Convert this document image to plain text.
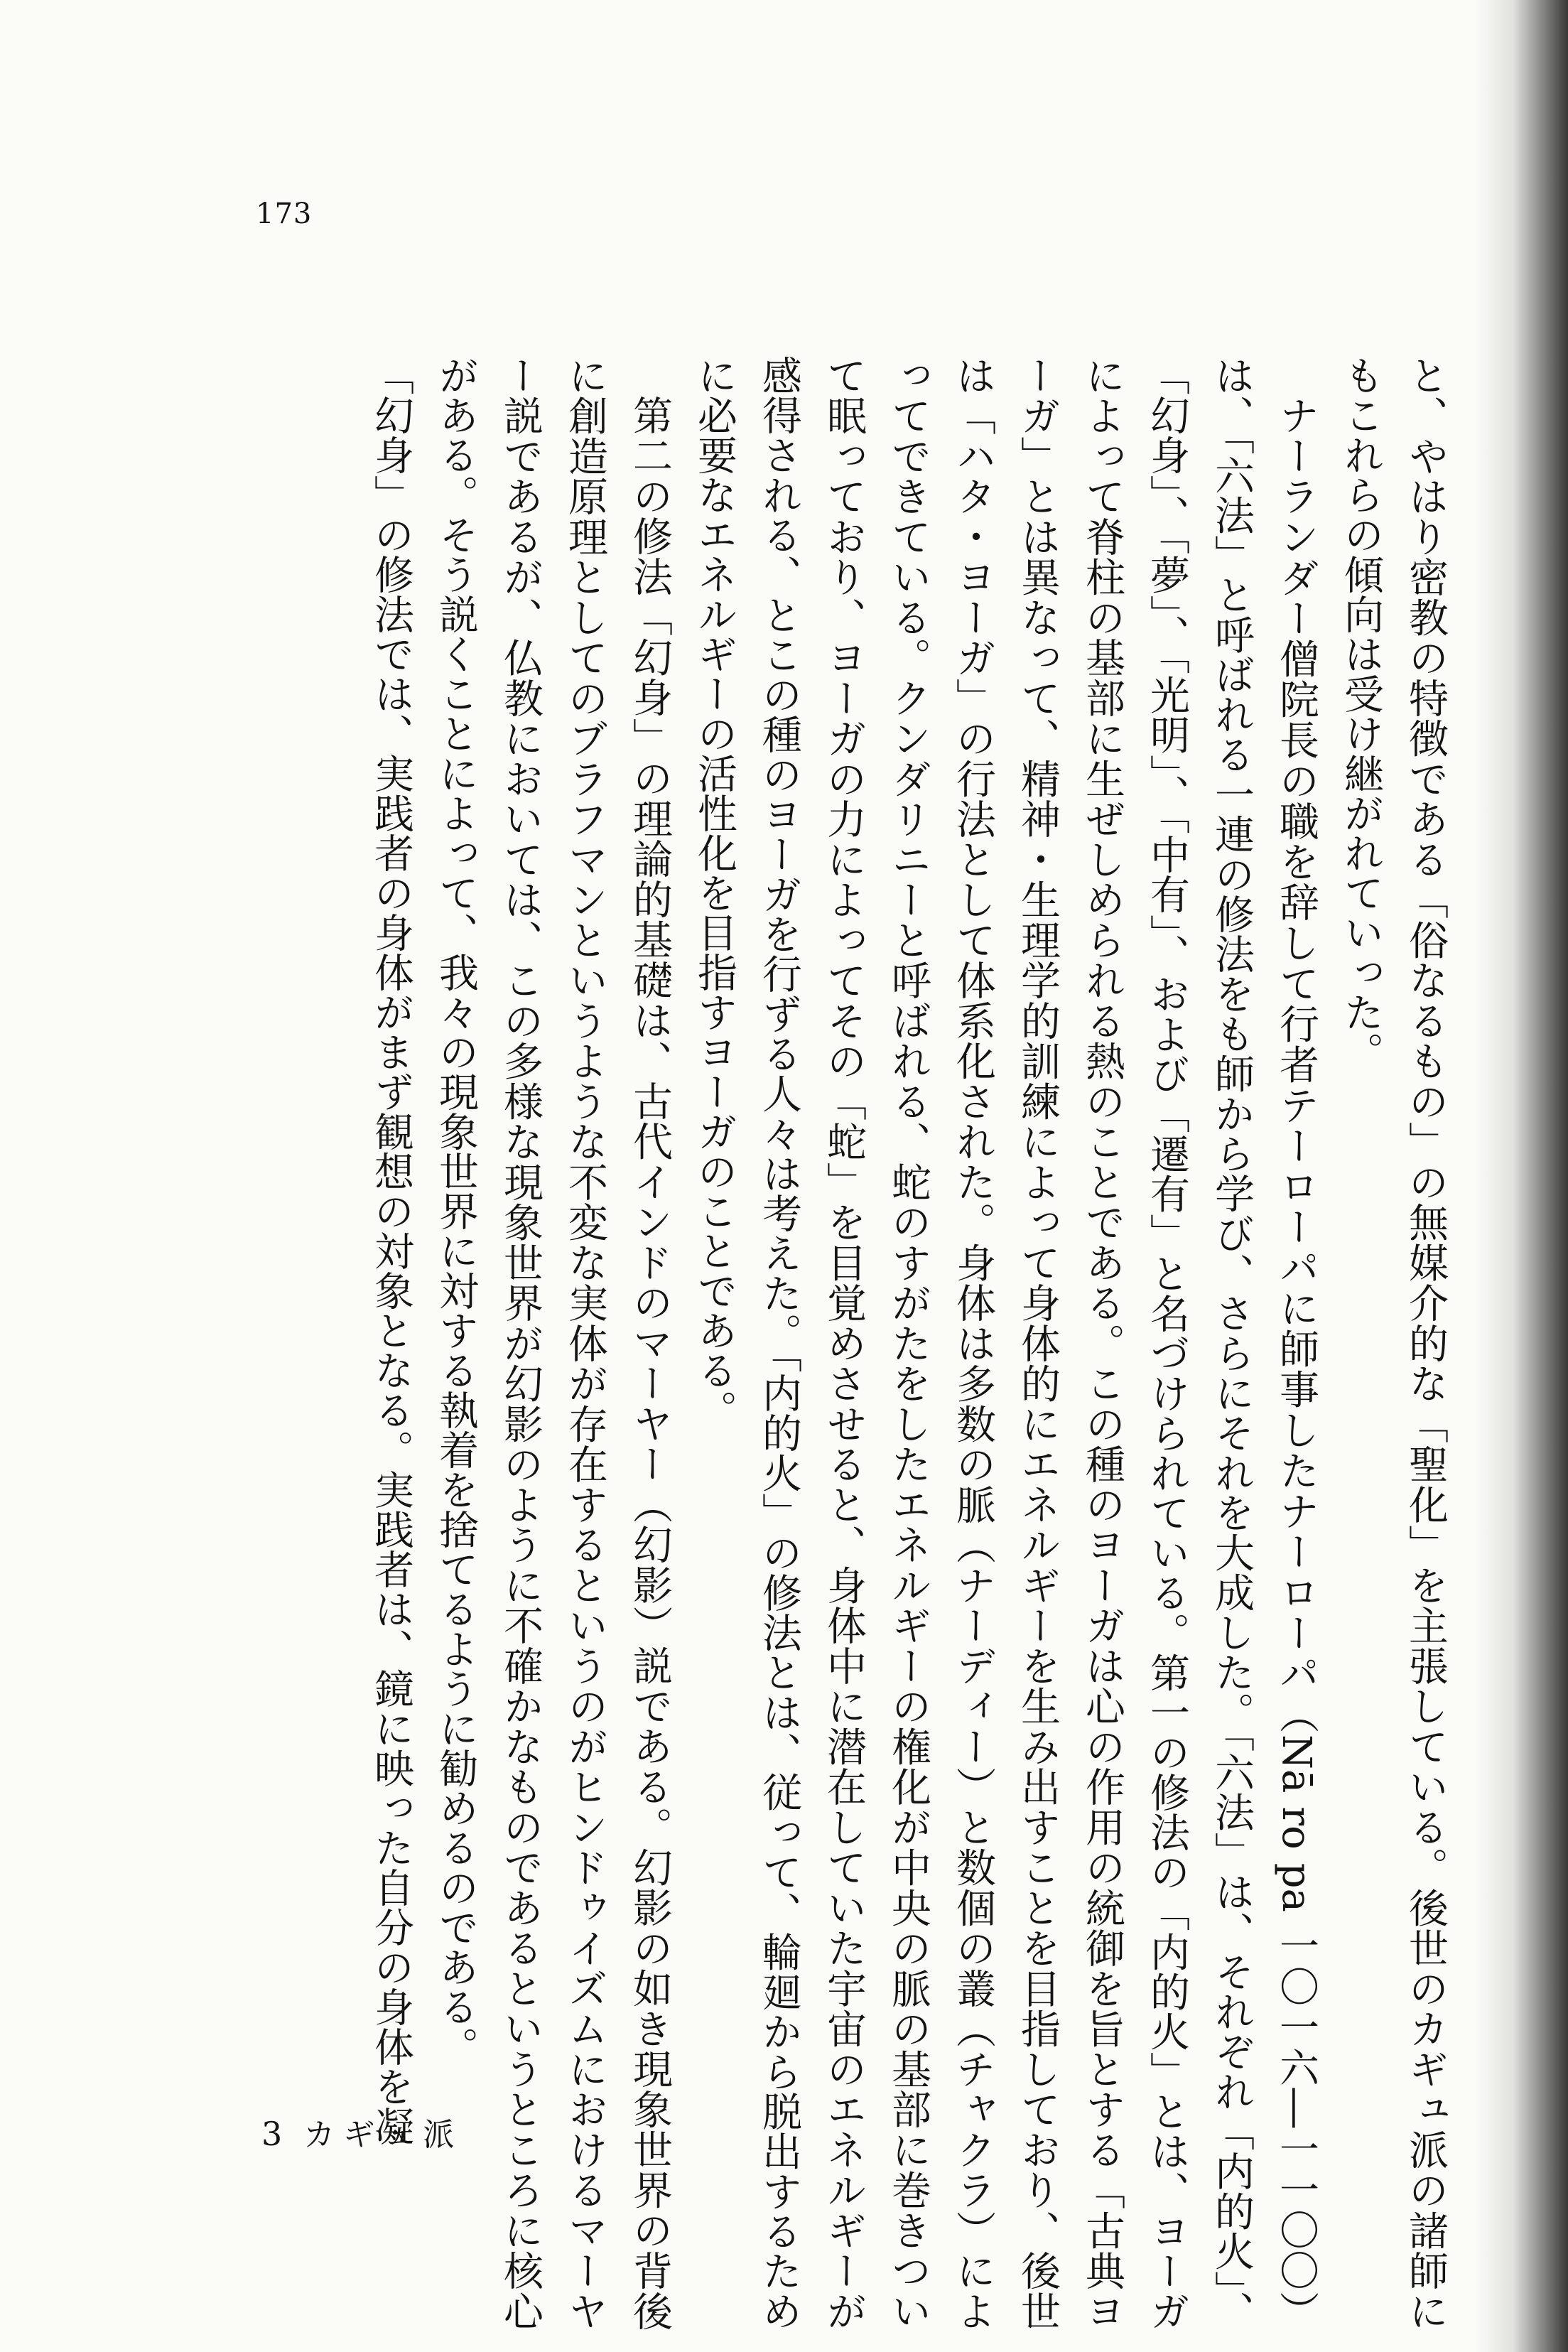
173

と、やはり密教の特徴である「俗なるもの」の無媒介的な「聖化」を主張している。後世のカギュ派の諸師にもこれらの傾向は受け継がれていった。

ナーランダー僧院長の職を辞して行者テーローパに師事したナーローパ（Nā ro pa 一〇一六―一一〇〇）は、「六法」と呼ばれる一連の修法をも師から学び、さらにそれを大成した。「六法」は、それぞれ「内的火」、「幻身」、「夢」、「光明」、「中有」、および「遷有」と名づけられている。第一の修法の「内的火」とは、ヨーガによって脊柱の基部に生ぜしめられる熱のことである。この種のヨーガは心の作用の統御を旨とする「古典ヨーガ」とは異なって、精神・生理学的訓練によって身体的にエネルギーを生み出すことを目指しており、後世は「ハタ・ヨーガ」の行法として体系化された。身体は多数の脈（ナーディー）と数個の叢（チャクラ）によってできている。クンダリニーと呼ばれる、蛇のすがたをしたエネルギーの権化が中央の脈の基部に巻きついて眠っており、ヨーガの力によってその「蛇」を目覚めさせると、身体中に潜在していた宇宙のエネルギーが感得される、とこの種のヨーガを行ずる人々は考えた。「内的火」の修法とは、従って、輪廻から脱出するために必要なエネルギーの活性化を目指すヨーガのことである。

第二の修法「幻身」の理論的基礎は、古代インドのマーヤー（幻影）説である。幻影の如き現象世界の背後に創造原理としてのブラフマンというような不変な実体が存在するというのがヒンドゥイズムにおけるマーヤー説であるが、仏教においては、この多様な現象世界が幻影のように不確かなものであるというところに核心がある。そう説くことによって、我々の現象世界に対する執着を捨てるように勧めるのである。

「幻身」の修法では、実践者の身体がまず観想の対象となる。実践者は、鏡に映った自分の身体を凝

3 カギュ派
